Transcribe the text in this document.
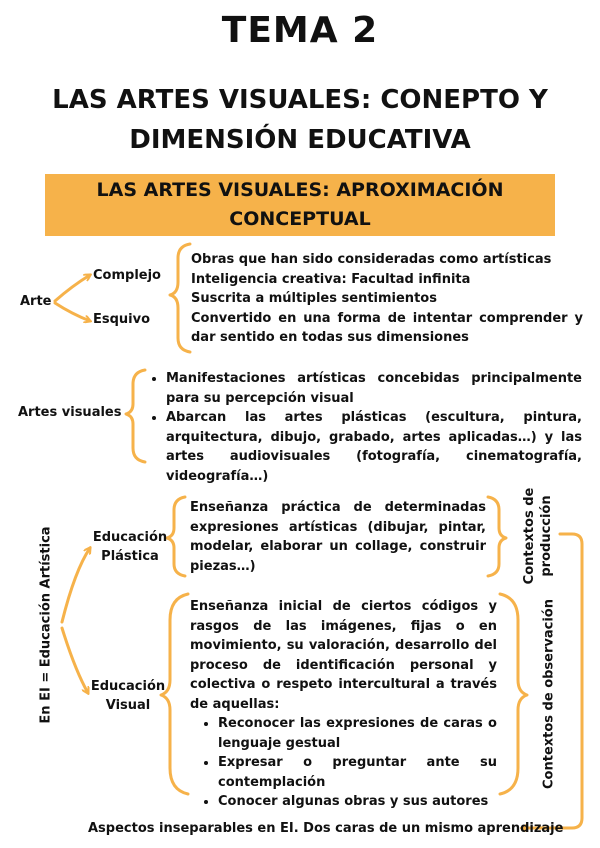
TEMA 2
LAS ARTES VISUALES: CONEPTO Y
DIMENSIÓN EDUCATIVA
LAS ARTES VISUALES: APROXIMACIÓN
CONCEPTUAL
Arte
Complejo
Esquivo
Obras que han sido consideradas como artísticas
Inteligencia creativa: Facultad infinita
Suscrita a múltiples sentimientos
Convertido en una forma de intentar comprender y dar sentido en todas sus dimensiones
Artes visuales
• Manifestaciones artísticas concebidas principalmente para su percepción visual
• Abarcan las artes plásticas (escultura, pintura, arquitectura, dibujo, grabado, artes aplicadas…) y las artes audiovisuales (fotografía, cinematografía, videografía…)
En EI = Educación Artística	Educación
Plástica
Enseñanza práctica de determinadas expresiones artísticas (dibujar, pintar, modelar, elaborar un collage, construir piezas…)
Educación
Visual
Enseñanza inicial de ciertos códigos y rasgos de las imágenes, fijas o en movimiento, su valoración, desarrollo del proceso de identificación personal y colectiva o respeto intercultural a través de aquellas:
• Reconocer las expresiones de caras o lenguaje gestual
• Expresar o preguntar ante su contemplación
• Conocer algunas obras y sus autores
Contextos de producción
Contextos de observación
Aspectos inseparables en EI. Dos caras de un mismo aprendizaje
